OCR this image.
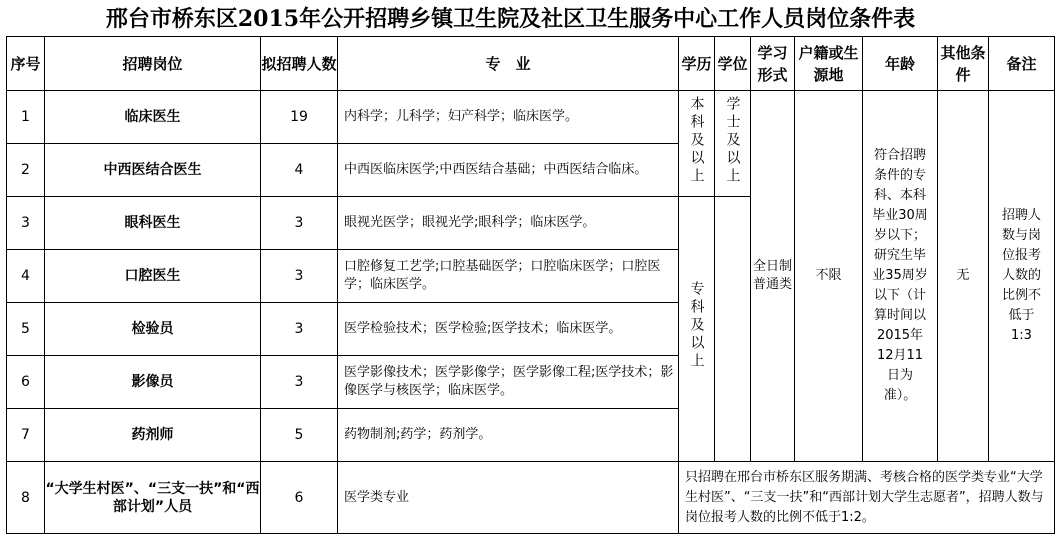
邢台市桥东区2015年公开招聘乡镇卫生院及社区卫生服务中心工作人员岗位条件表
序号	招聘岗位	拟招聘人数	专　业	学历	学位	学习形式	户籍或生源地	年龄	其他条件	备注
1	临床医生	19	内科学；儿科学；妇产科学；临床医学。	本科及以上	学士及以上	全日制普通类	不限	符合招聘条件的专科、本科毕业30周岁以下；研究生毕业35周岁以下（计算时间以2015年12月11日为准）。	无	招聘人数与岗位报考人数的比例不低于1:3
2	中西医结合医生	4	中西医临床医学;中西医结合基础；中西医结合临床。							
3	眼科医生	3	眼视光医学；眼视光学;眼科学；临床医学。	专科及以上						
4	口腔医生	3	口腔修复工艺学;口腔基础医学；口腔临床医学；口腔医学；临床医学。							
5	检验员	3	医学检验技术；医学检验;医学技术；临床医学。							
6	影像员	3	医学影像技术；医学影像学；医学影像工程;医学技术；影像医学与核医学；临床医学。							
7	药剂师	5	药物制剂;药学；药剂学。							
8	“大学生村医”、“三支一扶”和“西部计划”人员	6	医学类专业	只招聘在邢台市桥东区服务期满、考核合格的医学类专业“大学生村医”、“三支一扶”和“西部计划大学生志愿者”，招聘人数与岗位报考人数的比例不低于1:2。						
